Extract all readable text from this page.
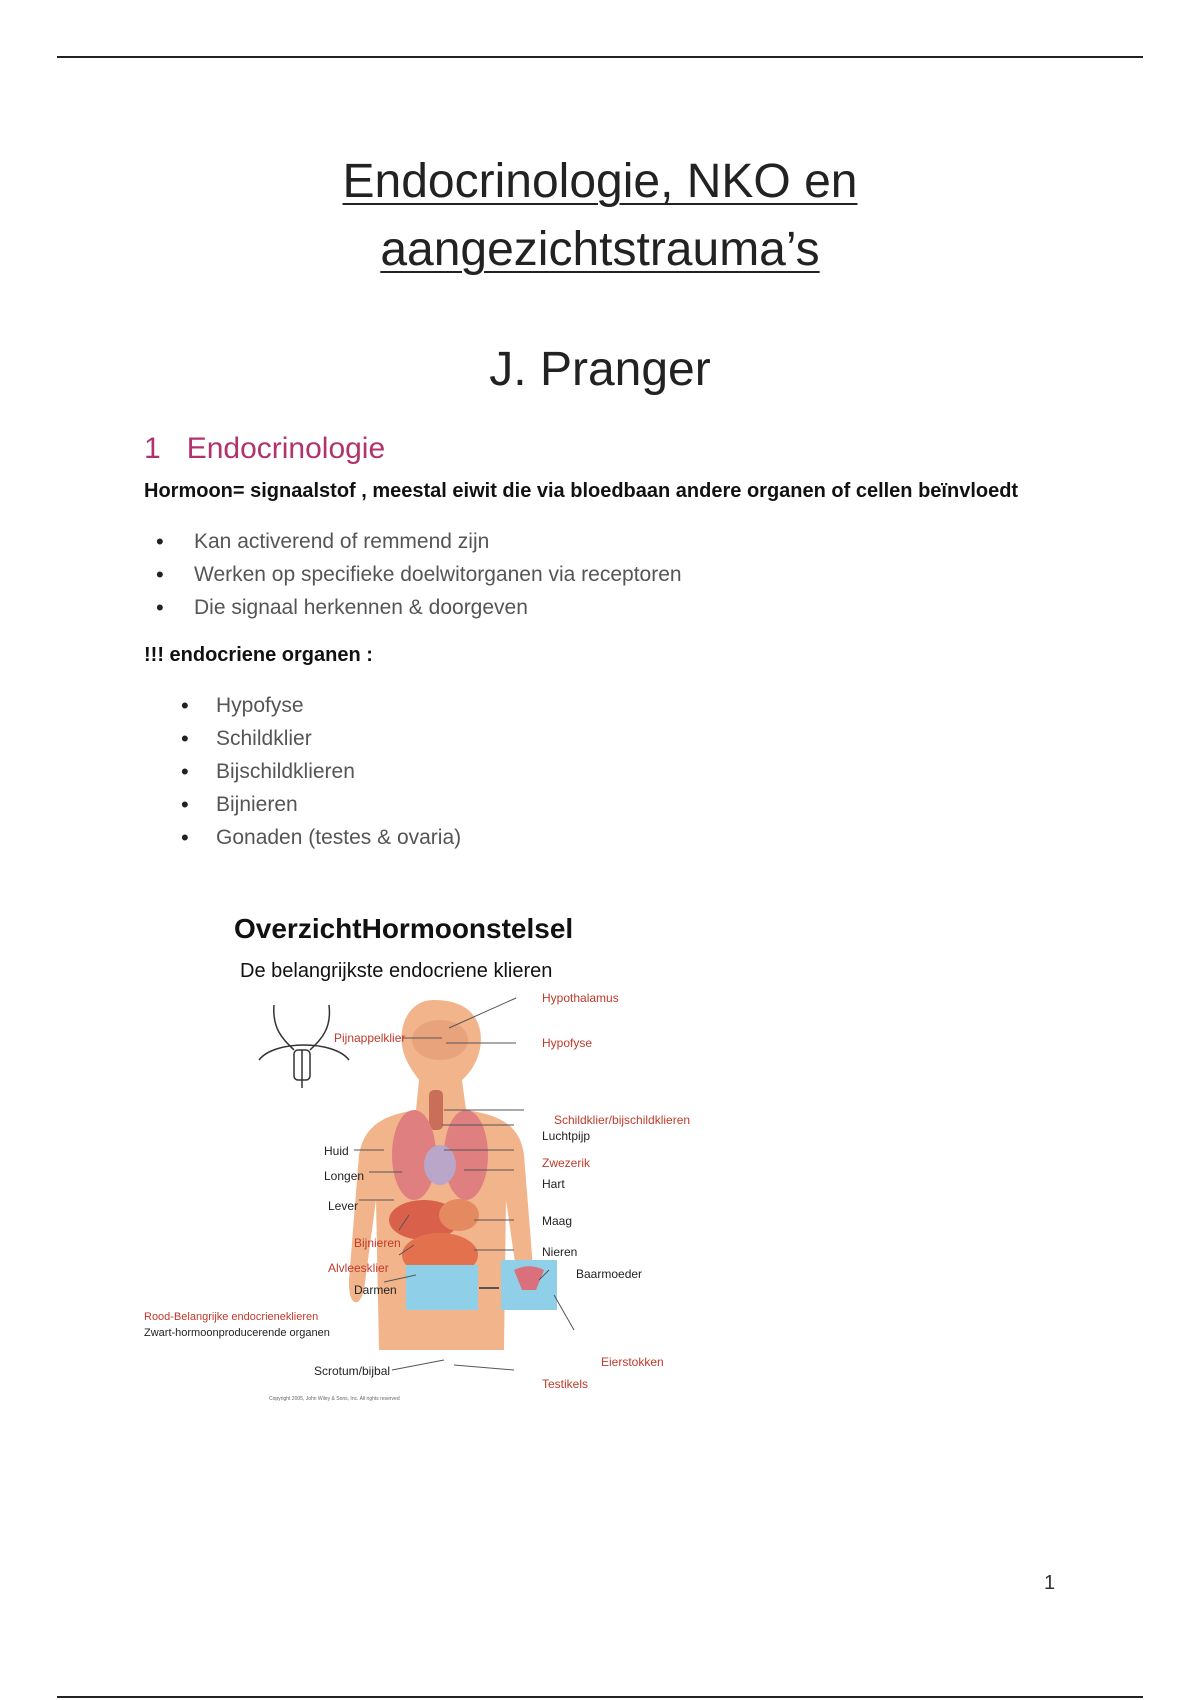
Endocrinologie, NKO en
aangezichtstrauma’s
J. Pranger
1 Endocrinologie
Hormoon= signaalstof , meestal eiwit die via bloedbaan andere organen of cellen beïnvloedt
• Kan activerend of remmend zijn
• Werken op specifieke doelwitorganen via receptoren
• Die signaal herkennen & doorgeven
!!! endocriene organen :
• Hypofyse
• Schildklier
• Bijschildklieren
• Bijnieren
• Gonaden (testes & ovaria)
OverzichtHormoonstelsel
De belangrijkste endocriene klieren
Hypothalamus
Pijnappelklier	Hypofyse
Schildklier/bijschildklieren
Zwezerik
Bijnieren
Alvleesklier
Eierstokken
Testikels
Luchtpijp
Huid
Longen
Hart
Lever
Maag
Nieren
Darmen
Baarmoeder
Scrotum/bijbal
Rood-Belangrijke endocrieneklieren
Zwart-hormoonproducerende organen
Copyright 2005, John Wiley & Sons, Inc. All rights reserved
1
